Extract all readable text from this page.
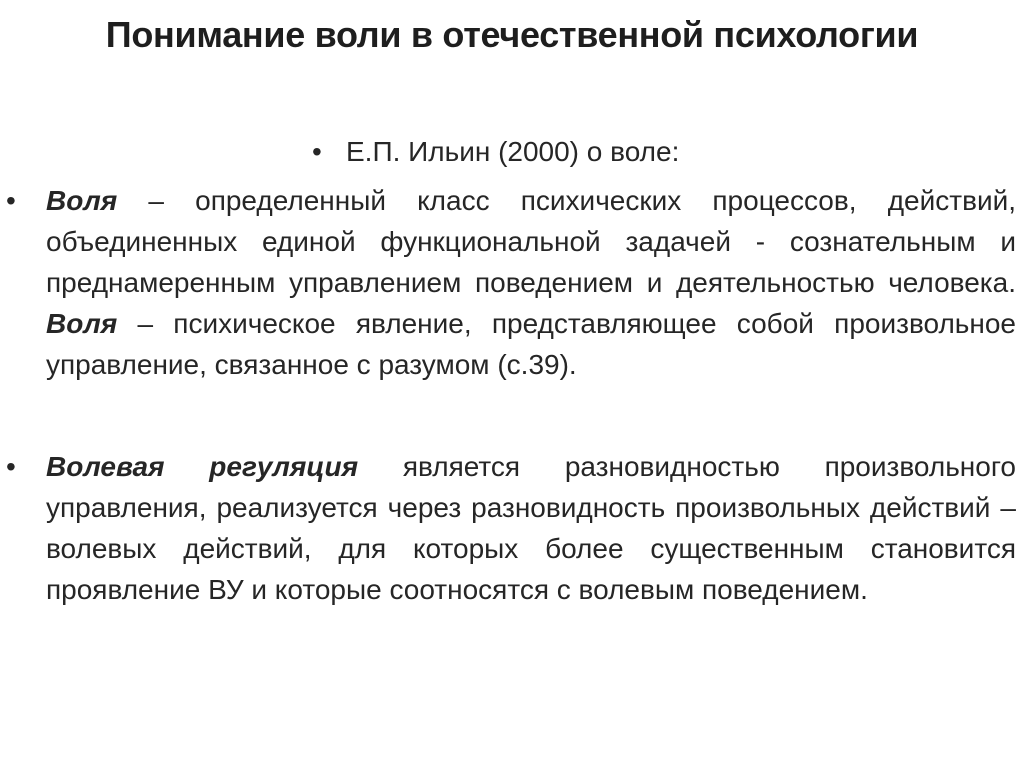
Понимание воли в отечественной психологии
• Е.П. Ильин (2000) о воле:
• Воля – определенный класс психических процессов, действий, объединенных единой функциональной задачей - сознательным и преднамеренным управлением поведением и деятельностью человека. Воля – психическое явление, представляющее собой произвольное управление, связанное с разумом (с.39).
• Волевая регуляция является разновидностью произвольного управления, реализуется через разновидность произвольных действий – волевых действий, для которых более существенным становится проявление ВУ и которые соотносятся с волевым поведением.
